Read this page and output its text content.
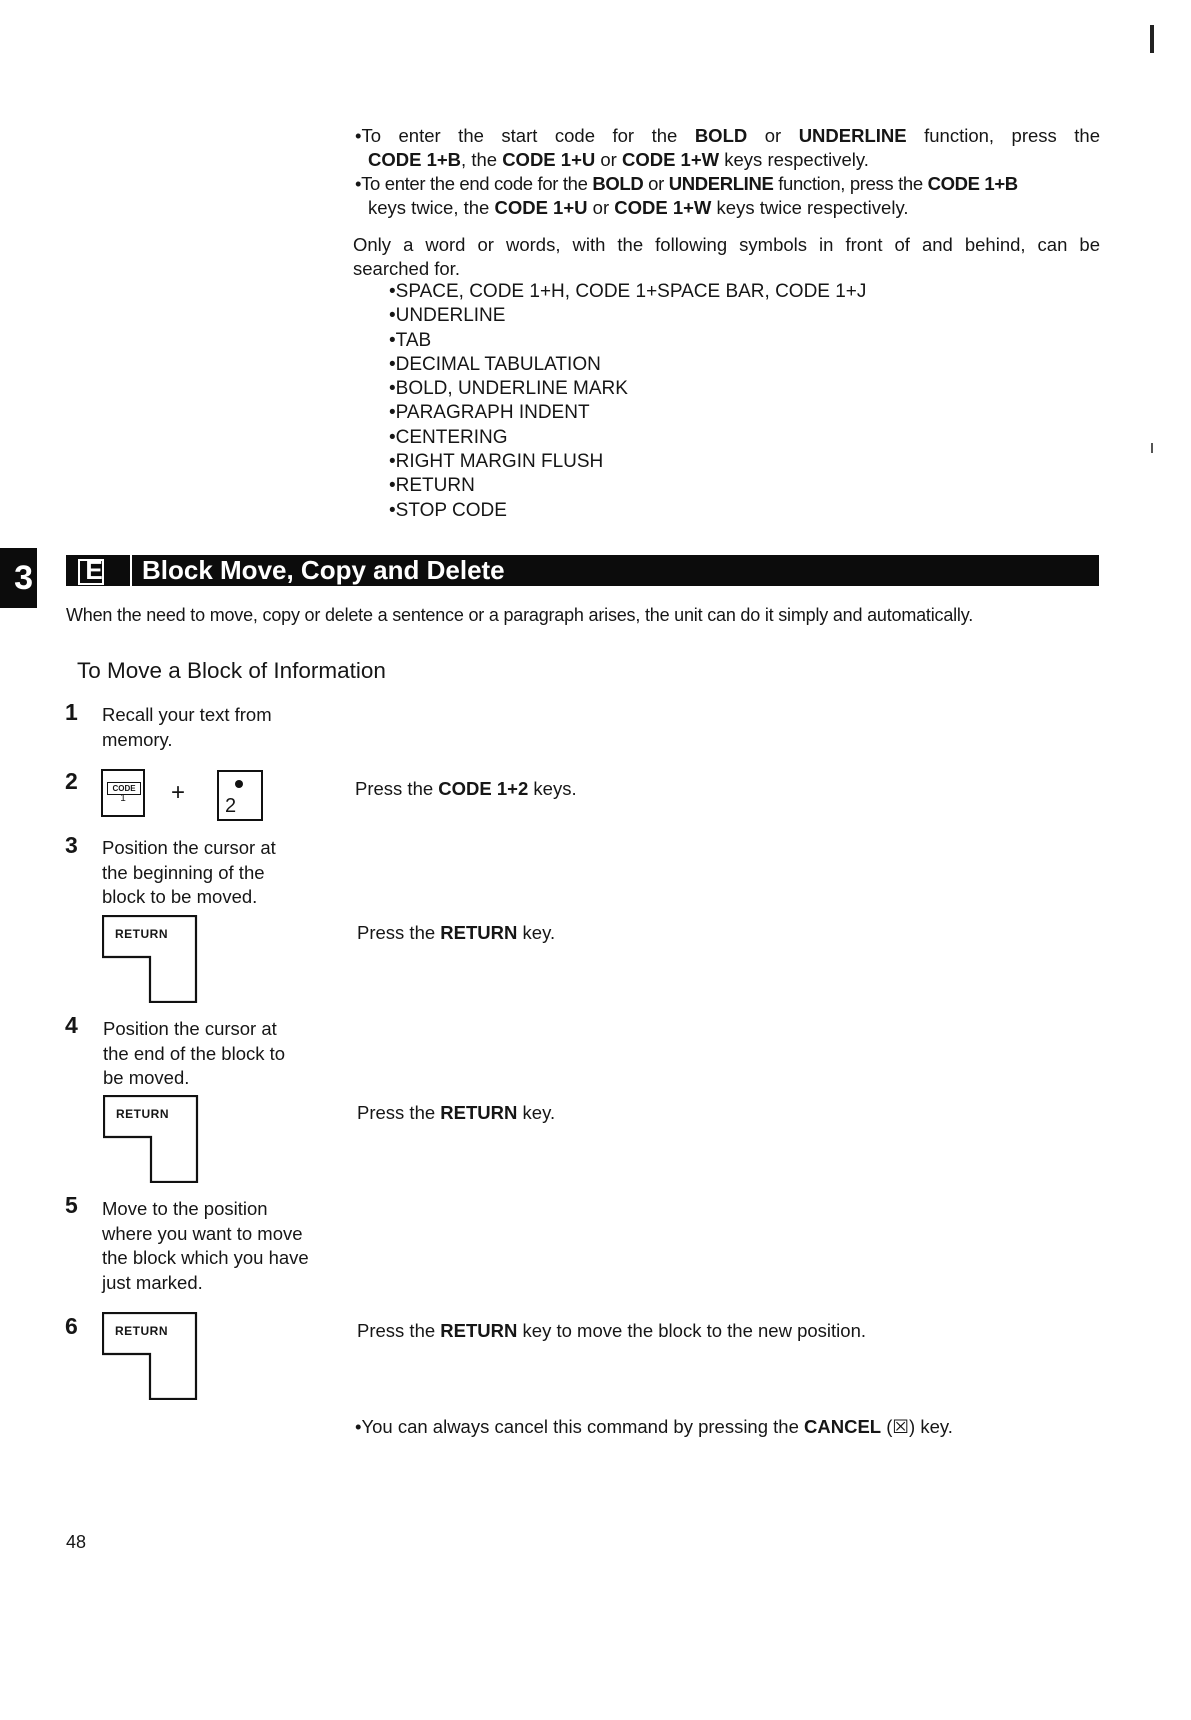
•To enter the start code for the BOLD or UNDERLINE function, press the
CODE 1+B, the CODE 1+U or CODE 1+W keys respectively.
•To enter the end code for the BOLD or UNDERLINE function, press the CODE 1+B
keys twice, the CODE 1+U or CODE 1+W keys twice respectively.
Only a word or words, with the following symbols in front of and behind, can be
searched for.
•SPACE, CODE 1+H, CODE 1+SPACE BAR, CODE 1+J
•UNDERLINE
•TAB
•DECIMAL TABULATION
•BOLD, UNDERLINE MARK
•PARAGRAPH INDENT
•CENTERING
•RIGHT MARGIN FLUSH
•RETURN
•STOP CODE
3	E	Block Move, Copy and Delete
When the need to move, copy or delete a sentence or a paragraph arises, the unit can do it simply and automatically.
To Move a Block of Information
1 Recall your text from
memory.
2	CODE
1	+ 2
Press the CODE 1+2 keys.
3 Position the cursor at
the beginning of the
block to be moved.
RETURN	Press the RETURN key.
4 Position the cursor at
the end of the block to
be moved.
RETURN	Press the RETURN key.
5 Move to the position
where you want to move
the block which you have
just marked.
6	RETURN	Press the RETURN key to move the block to the new position.
•You can always cancel this command by pressing the CANCEL (☒) key.
48
